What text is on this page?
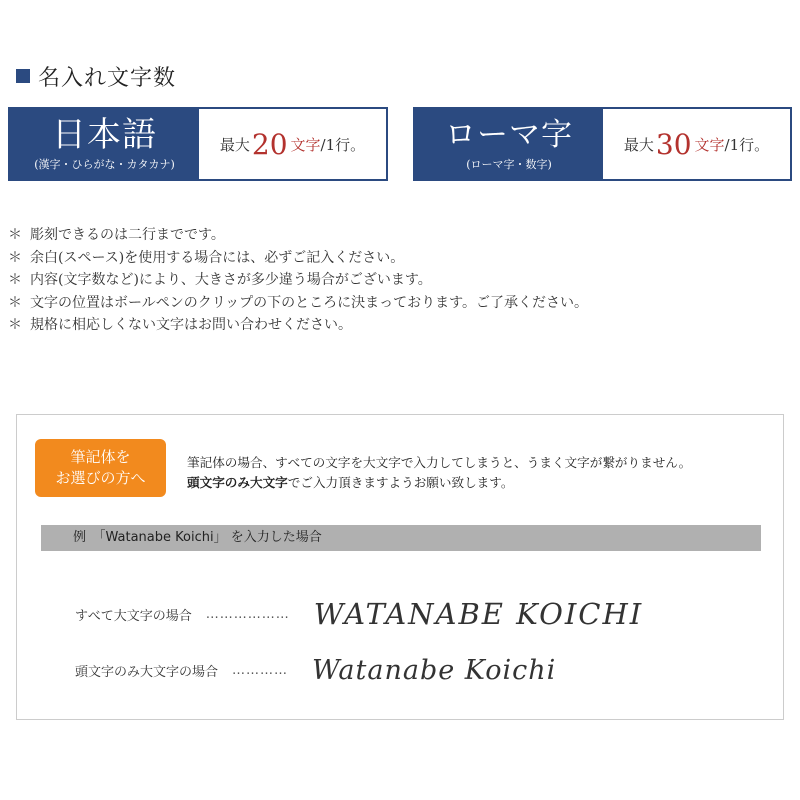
名入れ文字数
日本語
(漢字・ひらがな・カタカナ)
最大 20 文字 /1行。	ローマ字
(ローマ字・数字)
最大 30 文字 /1行。
＊ 彫刻できるのは二行までです。
＊ 余白(スペース)を使用する場合には、必ずご記入ください。
＊ 内容(文字数など)により、大きさが多少違う場合がございます。
＊ 文字の位置はボールペンのクリップの下のところに決まっております。ご了承ください。
＊ 規格に相応しくない文字はお問い合わせください。
筆記体を
お選びの方へ
筆記体の場合、すべての文字を大文字で入力してしまうと、うまく文字が繋がりません。
頭文字のみ大文字でご入力頂きますようお願い致します。
例　「Watanabe Koichi」 を入力した場合
すべて大文字の場合 ……………… WATANABE KOICHI
頭文字のみ大文字の場合 ………… Watanabe Koichi
